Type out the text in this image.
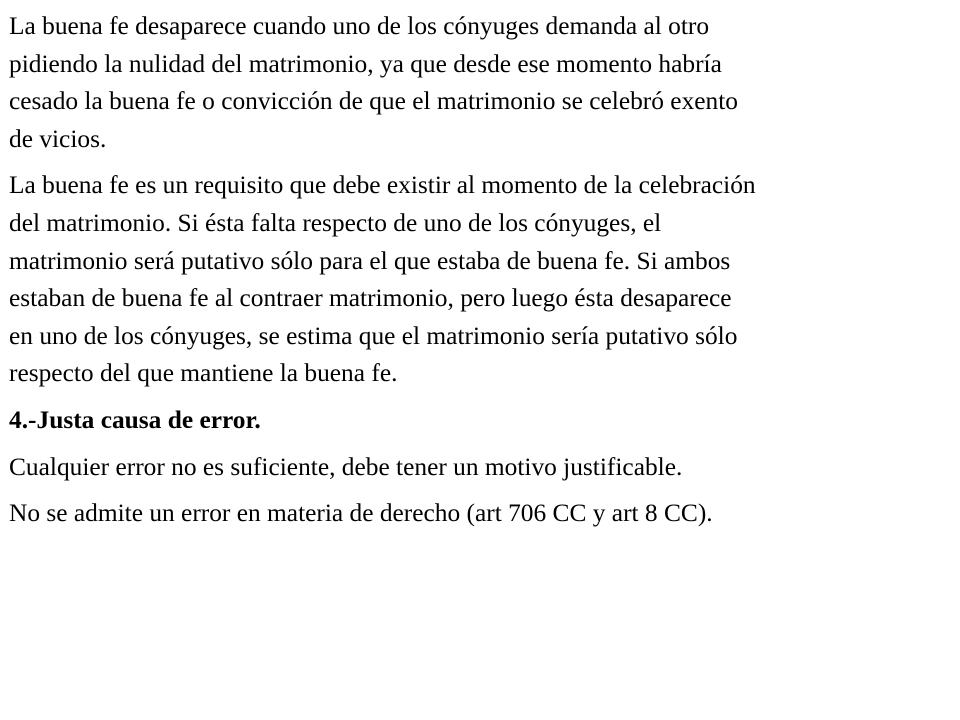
La buena fe desaparece cuando uno de los cónyuges demanda al otro
pidiendo la nulidad del matrimonio, ya que desde ese momento habría
cesado la buena fe o convicción de que el matrimonio se celebró exento
de vicios.

La buena fe es un requisito que debe existir al momento de la celebración
del matrimonio. Si ésta falta respecto de uno de los cónyuges, el
matrimonio será putativo sólo para el que estaba de buena fe. Si ambos
estaban de buena fe al contraer matrimonio, pero luego ésta desaparece
en uno de los cónyuges, se estima que el matrimonio sería putativo sólo
respecto del que mantiene la buena fe.

4.-Justa causa de error.

Cualquier error no es suficiente, debe tener un motivo justificable.

No se admite un error en materia de derecho (art 706 CC y art 8 CC).
